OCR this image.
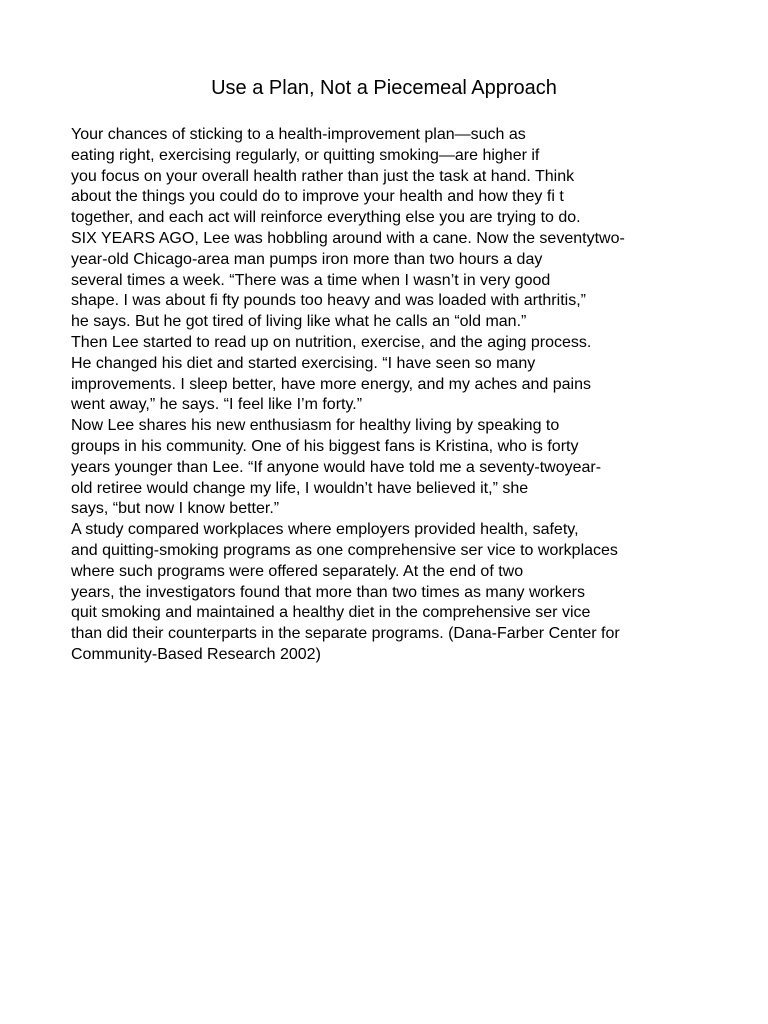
Use a Plan, Not a Piecemeal Approach
Your chances of sticking to a health-improvement plan—such as
eating right, exercising regularly, or quitting smoking—are higher if
you focus on your overall health rather than just the task at hand. Think
about the things you could do to improve your health and how they fi t
together, and each act will reinforce everything else you are trying to do.
SIX YEARS AGO, Lee was hobbling around with a cane. Now the seventytwo-
year-old Chicago-area man pumps iron more than two hours a day
several times a week. “There was a time when I wasn’t in very good
shape. I was about fi fty pounds too heavy and was loaded with arthritis,”
he says. But he got tired of living like what he calls an “old man.”
Then Lee started to read up on nutrition, exercise, and the aging process.
He changed his diet and started exercising. “I have seen so many
improvements. I sleep better, have more energy, and my aches and pains
went away,” he says. “I feel like I’m forty.”
Now Lee shares his new enthusiasm for healthy living by speaking to
groups in his community. One of his biggest fans is Kristina, who is forty
years younger than Lee. “If anyone would have told me a seventy-twoyear-
old retiree would change my life, I wouldn’t have believed it,” she
says, “but now I know better.”
A study compared workplaces where employers provided health, safety,
and quitting-smoking programs as one comprehensive ser vice to workplaces
where such programs were offered separately. At the end of two
years, the investigators found that more than two times as many workers
quit smoking and maintained a healthy diet in the comprehensive ser vice
than did their counterparts in the separate programs. (Dana-Farber Center for
Community-Based Research 2002)
